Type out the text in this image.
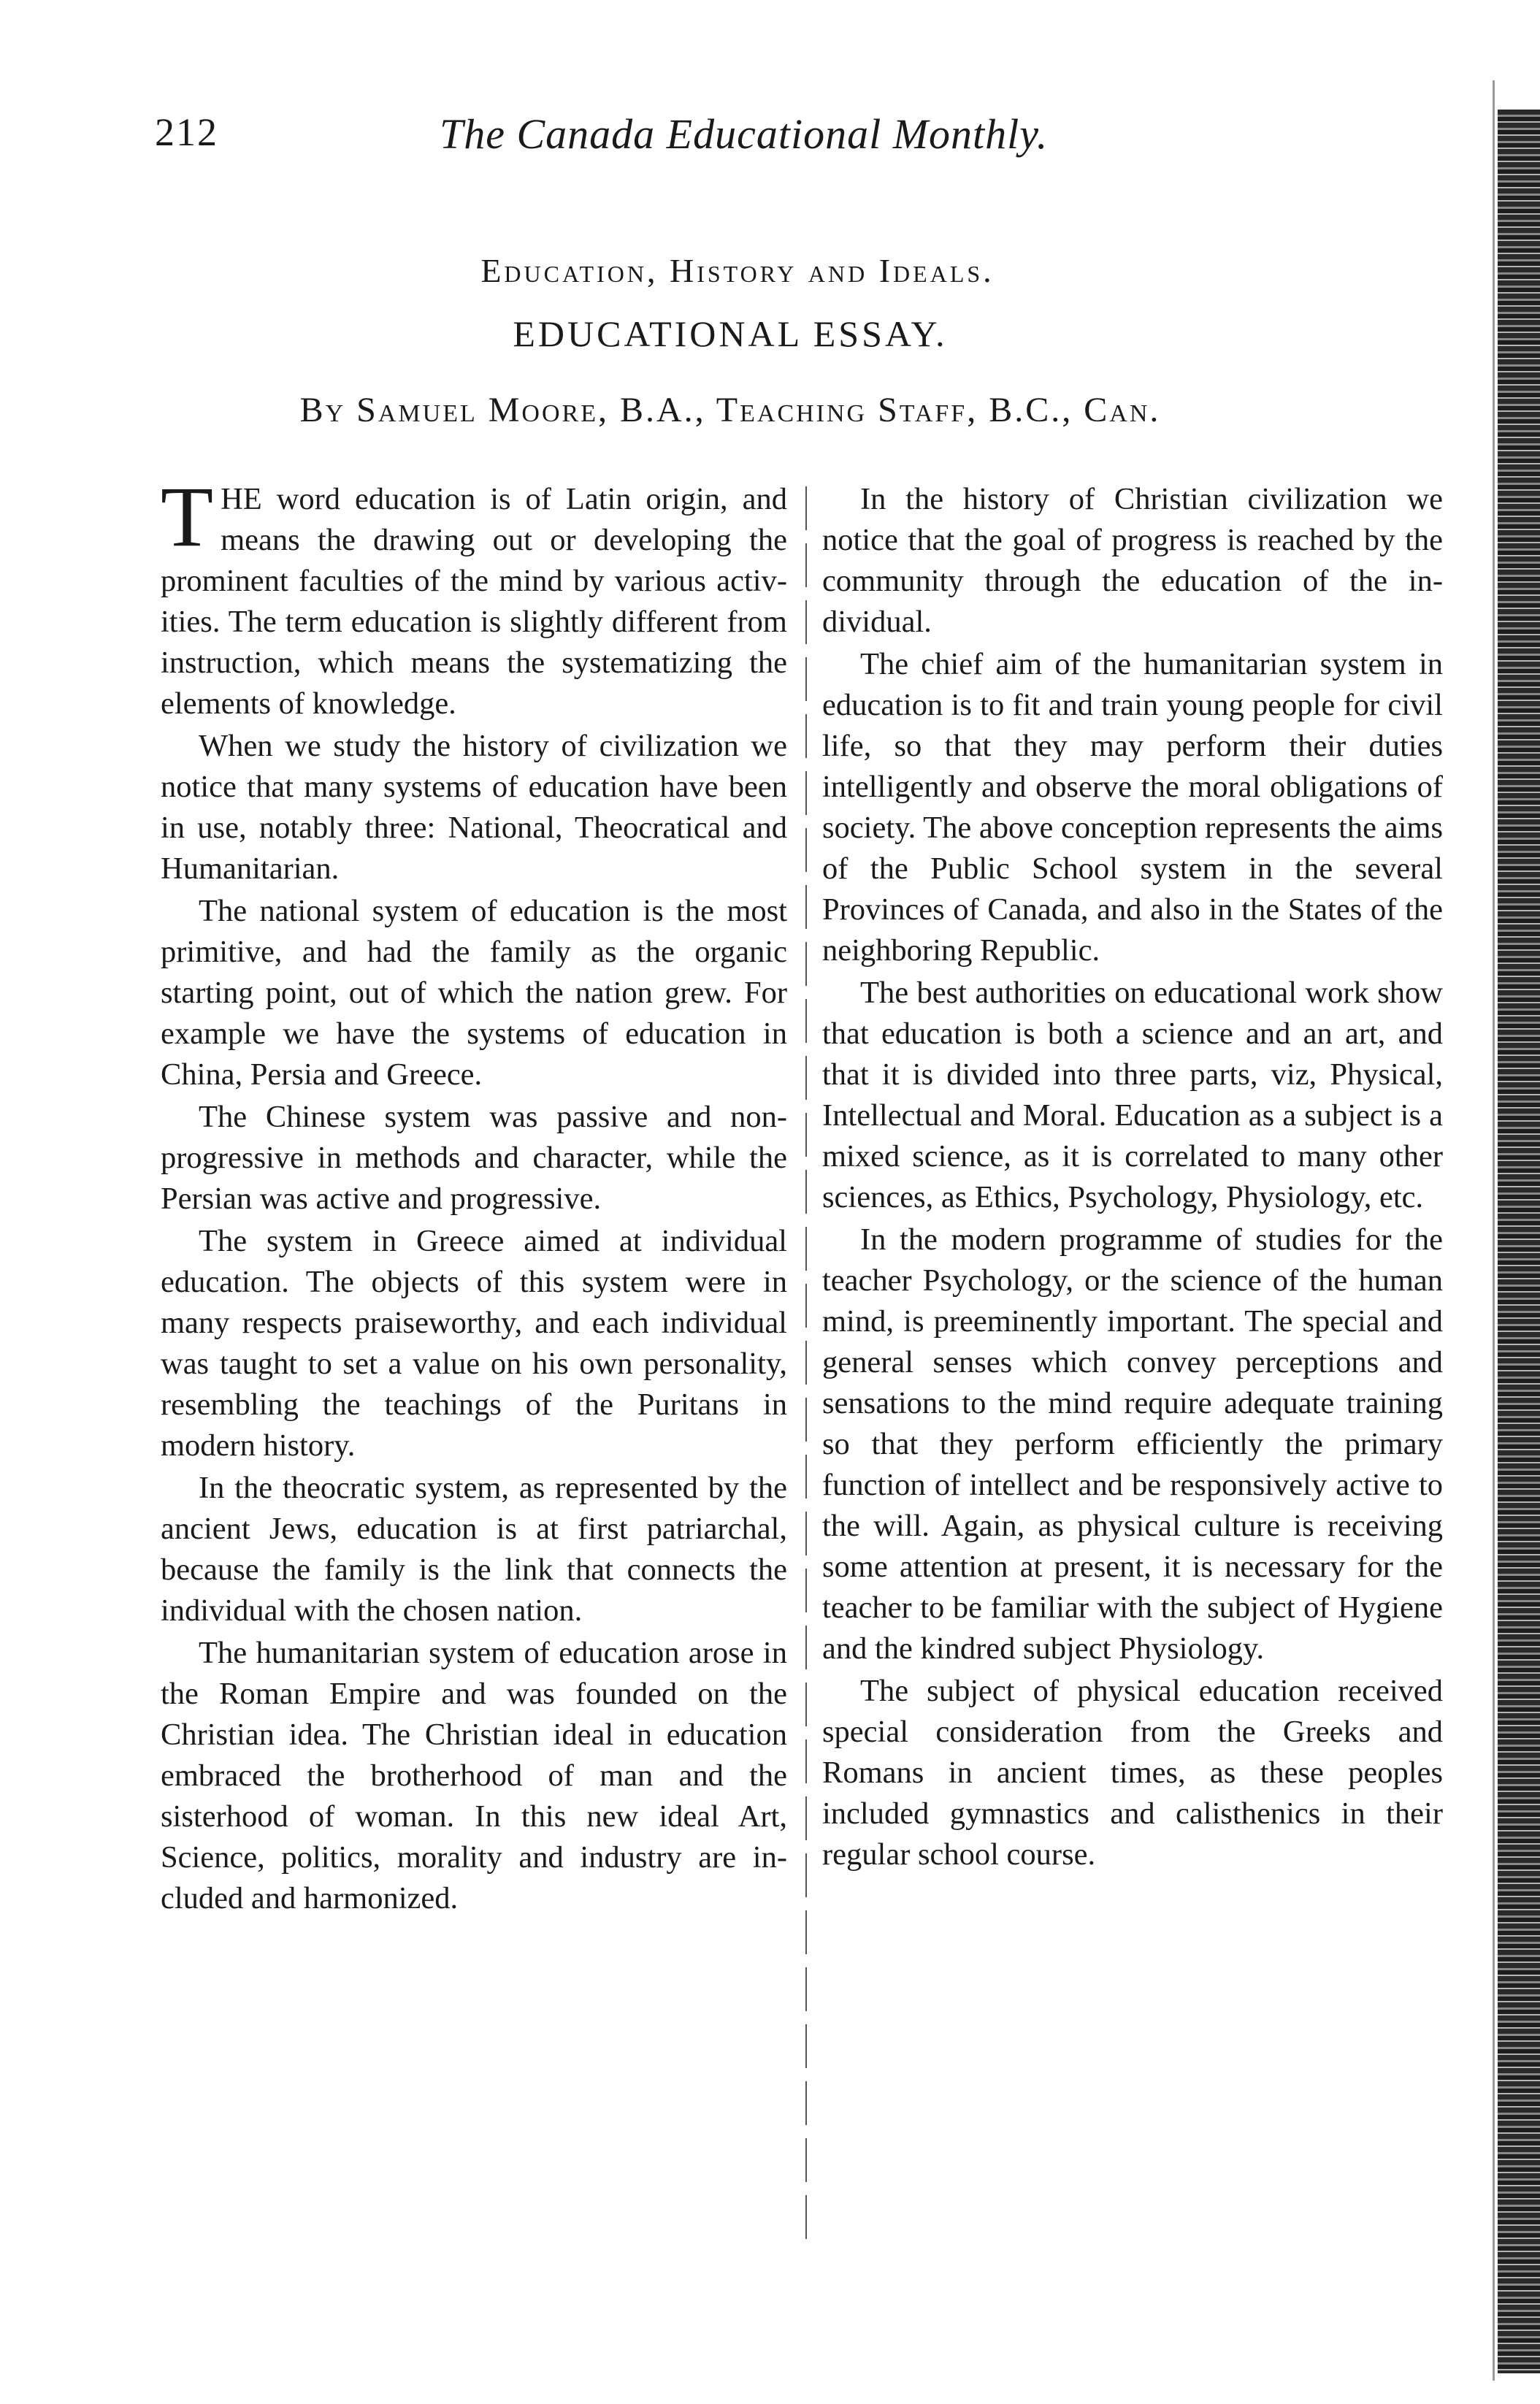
212	The Canada Educational Monthly.
Education, History and Ideals.
EDUCATIONAL ESSAY.
By Samuel Moore, B.A., Teaching Staff, B.C., Can.

THE word education is of Latin origin, and means the drawing out or developing the prominent faculties of the mind by various activities. The term education is slightly different from instruction, which means the systematizing the elements of knowledge.

When we study the history of civilization we notice that many systems of education have been in use, notably three: National, Theocratical and Humanitarian.

The national system of education is the most primitive, and had the family as the organic starting point, out of which the nation grew. For example we have the systems of education in China, Persia and Greece.

The Chinese system was passive and non-progressive in methods and character, while the Persian was active and progressive.

The system in Greece aimed at individual education. The objects of this system were in many respects praiseworthy, and each individual was taught to set a value on his own personality, resembling the teachings of the Puritans in modern history.

In the theocratic system, as represented by the ancient Jews, education is at first patriarchal, because the family is the link that connects the individual with the chosen nation.

The humanitarian system of education arose in the Roman Empire and was founded on the Christian idea. The Christian ideal in education embraced the brotherhood of man and the sisterhood of woman. In this new ideal Art, Science, politics, morality and industry are included and harmonized.

In the history of Christian civilization we notice that the goal of progress is reached by the community through the education of the individual.

The chief aim of the humanitarian system in education is to fit and train young people for civil life, so that they may perform their duties intelligently and observe the moral obligations of society. The above conception represents the aims of the Public School system in the several Provinces of Canada, and also in the States of the neighboring Republic.

The best authorities on educational work show that education is both a science and an art, and that it is divided into three parts, viz, Physical, Intellectual and Moral. Education as a subject is a mixed science, as it is correlated to many other sciences, as Ethics, Psychology, Physiology, etc.

In the modern programme of studies for the teacher Psychology, or the science of the human mind, is preeminently important. The special and general senses which convey perceptions and sensations to the mind require adequate training so that they perform efficiently the primary function of intellect and be responsively active to the will. Again, as physical culture is receiving some attention at present, it is necessary for the teacher to be familiar with the subject of Hygiene and the kindred subject Physiology.

The subject of physical education received special consideration from the Greeks and Romans in ancient times, as these peoples included gymnastics and calisthenics in their regular school course.
